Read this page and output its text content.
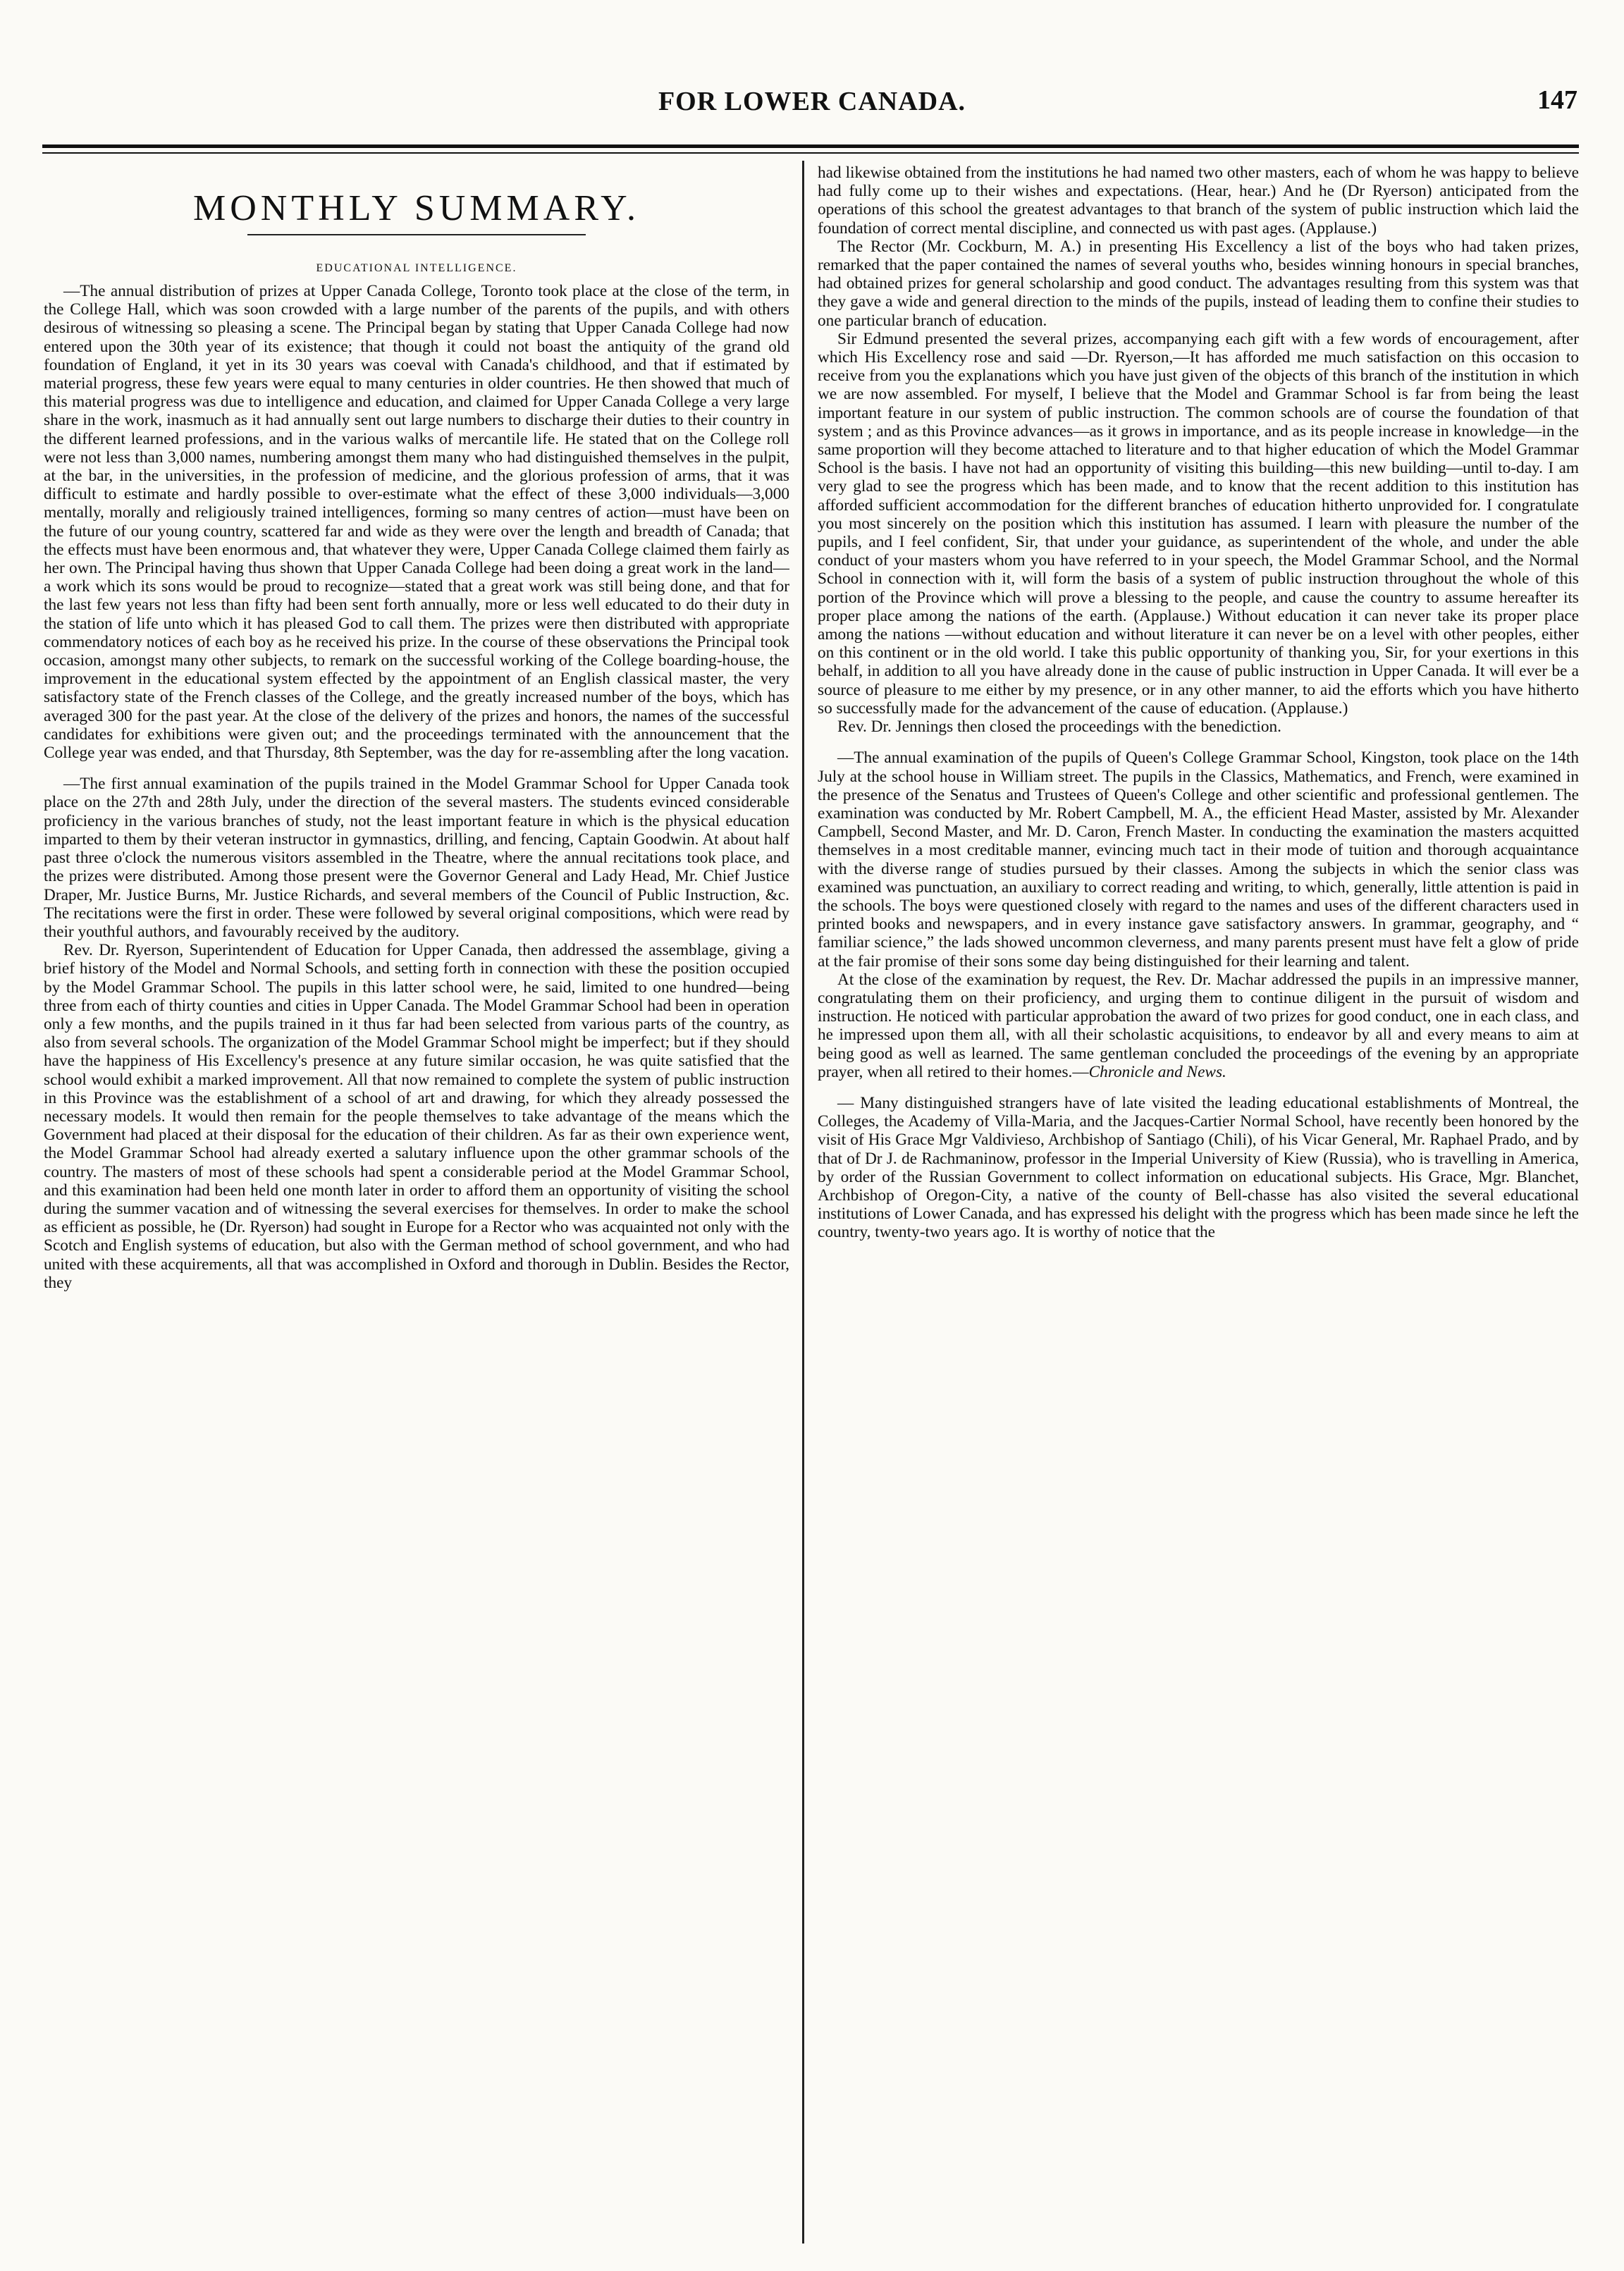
FOR LOWER CANADA.	147
MONTHLY SUMMARY.
EDUCATIONAL INTELLIGENCE.

—The annual distribution of prizes at Upper Canada College, Toronto took place at the close of the term, in the College Hall, which was soon crowded with a large number of the parents of the pupils, and with others desirous of witnessing so pleasing a scene. The Principal began by stating that Upper Canada College had now entered upon the 30th year of its existence; that though it could not boast the antiquity of the grand old foundation of England, it yet in its 30 years was coeval with Canada's childhood, and that if estimated by material progress, these few years were equal to many centuries in older countries. He then showed that much of this material progress was due to intelligence and education, and claimed for Upper Canada College a very large share in the work, inasmuch as it had annually sent out large numbers to discharge their duties to their country in the different learned professions, and in the various walks of mercantile life. He stated that on the College roll were not less than 3,000 names, numbering amongst them many who had distinguished themselves in the pulpit, at the bar, in the universities, in the profession of medicine, and the glorious profession of arms, that it was difficult to estimate and hardly possible to over-estimate what the effect of these 3,000 individuals—3,000 mentally, morally and religiously trained intelligences, forming so many centres of action—must have been on the future of our young country, scattered far and wide as they were over the length and breadth of Canada; that the effects must have been enormous and, that whatever they were, Upper Canada College claimed them fairly as her own. The Principal having thus shown that Upper Canada College had been doing a great work in the land—a work which its sons would be proud to recognize—stated that a great work was still being done, and that for the last few years not less than fifty had been sent forth annually, more or less well educated to do their duty in the station of life unto which it has pleased God to call them. The prizes were then distributed with appropriate commendatory notices of each boy as he received his prize. In the course of these observations the Principal took occasion, amongst many other subjects, to remark on the successful working of the College boarding-house, the improvement in the educational system effected by the appointment of an English classical master, the very satisfactory state of the French classes of the College, and the greatly increased number of the boys, which has averaged 300 for the past year. At the close of the delivery of the prizes and honors, the names of the successful candidates for exhibitions were given out; and the proceedings terminated with the announcement that the College year was ended, and that Thursday, 8th September, was the day for re-assembling after the long vacation.

—The first annual examination of the pupils trained in the Model Grammar School for Upper Canada took place on the 27th and 28th July, under the direction of the several masters. The students evinced considerable proficiency in the various branches of study, not the least important feature in which is the physical education imparted to them by their veteran instructor in gymnastics, drilling, and fencing, Captain Goodwin. At about half past three o'clock the numerous visitors assembled in the Theatre, where the annual recitations took place, and the prizes were distributed. Among those present were the Governor General and Lady Head, Mr. Chief Justice Draper, Mr. Justice Burns, Mr. Justice Richards, and several members of the Council of Public Instruction, &c. The recitations were the first in order. These were followed by several original compositions, which were read by their youthful authors, and favourably received by the auditory.

Rev. Dr. Ryerson, Superintendent of Education for Upper Canada, then addressed the assemblage, giving a brief history of the Model and Normal Schools, and setting forth in connection with these the position occupied by the Model Grammar School. The pupils in this latter school were, he said, limited to one hundred—being three from each of thirty counties and cities in Upper Canada. The Model Grammar School had been in operation only a few months, and the pupils trained in it thus far had been selected from various parts of the country, as also from several schools. The organization of the Model Grammar School might be imperfect; but if they should have the happiness of His Excellency's presence at any future similar occasion, he was quite satisfied that the school would exhibit a marked improvement. All that now remained to complete the system of public instruction in this Province was the establishment of a school of art and drawing, for which they already possessed the necessary models. It would then remain for the people themselves to take advantage of the means which the Government had placed at their disposal for the education of their children. As far as their own experience went, the Model Grammar School had already exerted a salutary influence upon the other grammar schools of the country. The masters of most of these schools had spent a considerable period at the Model Grammar School, and this examination had been held one month later in order to afford them an opportunity of visiting the school during the summer vacation and of witnessing the several exercises for themselves. In order to make the school as efficient as possible, he (Dr. Ryerson) had sought in Europe for a Rector who was acquainted not only with the Scotch and English systems of education, but also with the German method of school government, and who had united with these acquirements, all that was accomplished in Oxford and thorough in Dublin. Besides the Rector, they

had likewise obtained from the institutions he had named two other masters, each of whom he was happy to believe had fully come up to their wishes and expectations. (Hear, hear.) And he (Dr Ryerson) anticipated from the operations of this school the greatest advantages to that branch of the system of public instruction which laid the foundation of correct mental discipline, and connected us with past ages. (Applause.)

The Rector (Mr. Cockburn, M. A.) in presenting His Excellency a list of the boys who had taken prizes, remarked that the paper contained the names of several youths who, besides winning honours in special branches, had obtained prizes for general scholarship and good conduct. The advantages resulting from this system was that they gave a wide and general direction to the minds of the pupils, instead of leading them to confine their studies to one particular branch of education.

Sir Edmund presented the several prizes, accompanying each gift with a few words of encouragement, after which His Excellency rose and said —Dr. Ryerson,—It has afforded me much satisfaction on this occasion to receive from you the explanations which you have just given of the objects of this branch of the institution in which we are now assembled. For myself, I believe that the Model and Grammar School is far from being the least important feature in our system of public instruction. The common schools are of course the foundation of that system ; and as this Province advances—as it grows in importance, and as its people increase in knowledge—in the same proportion will they become attached to literature and to that higher education of which the Model Grammar School is the basis. I have not had an opportunity of visiting this building—this new building—until to-day. I am very glad to see the progress which has been made, and to know that the recent addition to this institution has afforded sufficient accommodation for the different branches of education hitherto unprovided for. I congratulate you most sincerely on the position which this institution has assumed. I learn with pleasure the number of the pupils, and I feel confident, Sir, that under your guidance, as superintendent of the whole, and under the able conduct of your masters whom you have referred to in your speech, the Model Grammar School, and the Normal School in connection with it, will form the basis of a system of public instruction throughout the whole of this portion of the Province which will prove a blessing to the people, and cause the country to assume hereafter its proper place among the nations of the earth. (Applause.) Without education it can never take its proper place among the nations —without education and without literature it can never be on a level with other peoples, either on this continent or in the old world. I take this public opportunity of thanking you, Sir, for your exertions in this behalf, in addition to all you have already done in the cause of public instruction in Upper Canada. It will ever be a source of pleasure to me either by my presence, or in any other manner, to aid the efforts which you have hitherto so successfully made for the advancement of the cause of education. (Applause.)

Rev. Dr. Jennings then closed the proceedings with the benediction.

—The annual examination of the pupils of Queen's College Grammar School, Kingston, took place on the 14th July at the school house in William street. The pupils in the Classics, Mathematics, and French, were examined in the presence of the Senatus and Trustees of Queen's College and other scientific and professional gentlemen. The examination was conducted by Mr. Robert Campbell, M. A., the efficient Head Master, assisted by Mr. Alexander Campbell, Second Master, and Mr. D. Caron, French Master. In conducting the examination the masters acquitted themselves in a most creditable manner, evincing much tact in their mode of tuition and thorough acquaintance with the diverse range of studies pursued by their classes. Among the subjects in which the senior class was examined was punctuation, an auxiliary to correct reading and writing, to which, generally, little attention is paid in the schools. The boys were questioned closely with regard to the names and uses of the different characters used in printed books and newspapers, and in every instance gave satisfactory answers. In grammar, geography, and “ familiar science,” the lads showed uncommon cleverness, and many parents present must have felt a glow of pride at the fair promise of their sons some day being distinguished for their learning and talent.

At the close of the examination by request, the Rev. Dr. Machar addressed the pupils in an impressive manner, congratulating them on their proficiency, and urging them to continue diligent in the pursuit of wisdom and instruction. He noticed with particular approbation the award of two prizes for good conduct, one in each class, and he impressed upon them all, with all their scholastic acquisitions, to endeavor by all and every means to aim at being good as well as learned. The same gentleman concluded the proceedings of the evening by an appropriate prayer, when all retired to their homes.—Chronicle and News.

— Many distinguished strangers have of late visited the leading educational establishments of Montreal, the Colleges, the Academy of Villa-Maria, and the Jacques-Cartier Normal School, have recently been honored by the visit of His Grace Mgr Valdivieso, Archbishop of Santiago (Chili), of his Vicar General, Mr. Raphael Prado, and by that of Dr J. de Rachmaninow, professor in the Imperial University of Kiew (Russia), who is travelling in America, by order of the Russian Government to collect information on educational subjects. His Grace, Mgr. Blanchet, Archbishop of Oregon-City, a native of the county of Bell-chasse has also visited the several educational institutions of Lower Canada, and has expressed his delight with the progress which has been made since he left the country, twenty-two years ago. It is worthy of notice that the
